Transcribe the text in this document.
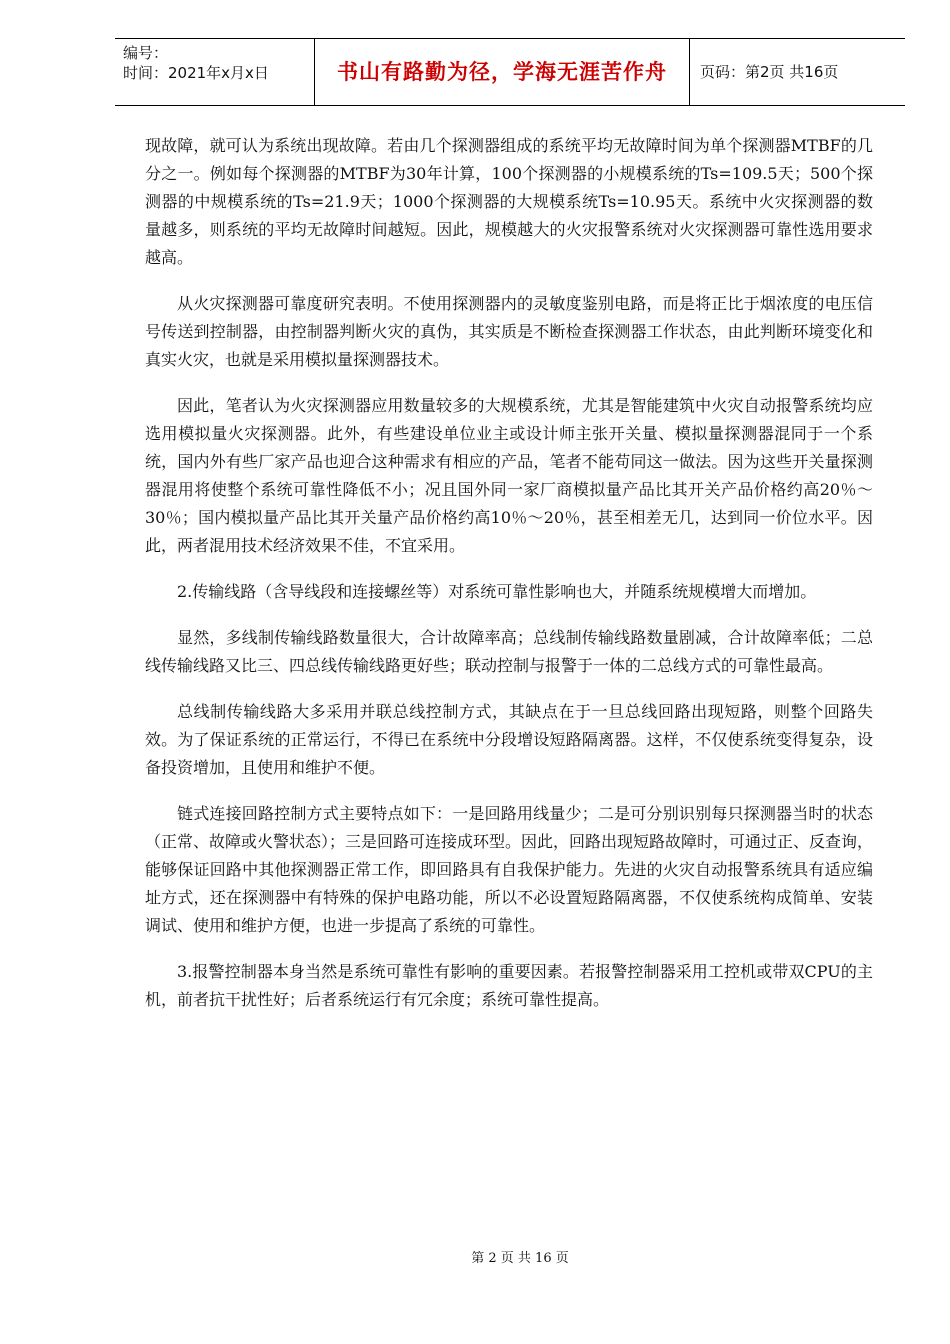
编号：

时间：2021年x月x日	书山有路勤为径，学海无涯苦作舟	页码：第2页 共16页

现故障，就可认为系统出现故障。若由几个探测器组成的系统平均无故障时间为单个探测器MTBF的几分之一。例如每个探测器的MTBF为30年计算，100个探测器的小规模系统的Ts=109.5天；500个探测器的中规模系统的Ts=21.9天；1000个探测器的大规模系统Ts=10.95天。系统中火灾探测器的数量越多，则系统的平均无故障时间越短。因此，规模越大的火灾报警系统对火灾探测器可靠性选用要求越高。

从火灾探测器可靠度研究表明。不使用探测器内的灵敏度鉴别电路，而是将正比于烟浓度的电压信号传送到控制器，由控制器判断火灾的真伪，其实质是不断检查探测器工作状态，由此判断环境变化和真实火灾，也就是采用模拟量探测器技术。

因此，笔者认为火灾探测器应用数量较多的大规模系统，尤其是智能建筑中火灾自动报警系统均应选用模拟量火灾探测器。此外，有些建设单位业主或设计师主张开关量、模拟量探测器混同于一个系统，国内外有些厂家产品也迎合这种需求有相应的产品，笔者不能苟同这一做法。因为这些开关量探测器混用将使整个系统可靠性降低不小；况且国外同一家厂商模拟量产品比其开关产品价格约高20％～30％；国内模拟量产品比其开关量产品价格约高10％～20％，甚至相差无几，达到同一价位水平。因此，两者混用技术经济效果不佳，不宜采用。

2.传输线路（含导线段和连接螺丝等）对系统可靠性影响也大，并随系统规模增大而增加。

显然，多线制传输线路数量很大，合计故障率高；总线制传输线路数量剧减，合计故障率低；二总线传输线路又比三、四总线传输线路更好些；联动控制与报警于一体的二总线方式的可靠性最高。

总线制传输线路大多采用并联总线控制方式，其缺点在于一旦总线回路出现短路，则整个回路失效。为了保证系统的正常运行，不得已在系统中分段增设短路隔离器。这样，不仅使系统变得复杂，设备投资增加，且使用和维护不便。

链式连接回路控制方式主要特点如下：一是回路用线量少；二是可分别识别每只探测器当时的状态（正常、故障或火警状态）；三是回路可连接成环型。因此，回路出现短路故障时，可通过正、反查询，能够保证回路中其他探测器正常工作，即回路具有自我保护能力。先进的火灾自动报警系统具有适应编址方式，还在探测器中有特殊的保护电路功能，所以不必设置短路隔离器，不仅使系统构成简单、安装调试、使用和维护方便，也进一步提高了系统的可靠性。

3.报警控制器本身当然是系统可靠性有影响的重要因素。若报警控制器采用工控机或带双CPU的主机，前者抗干扰性好；后者系统运行有冗余度；系统可靠性提高。

第 2 页 共 16 页
